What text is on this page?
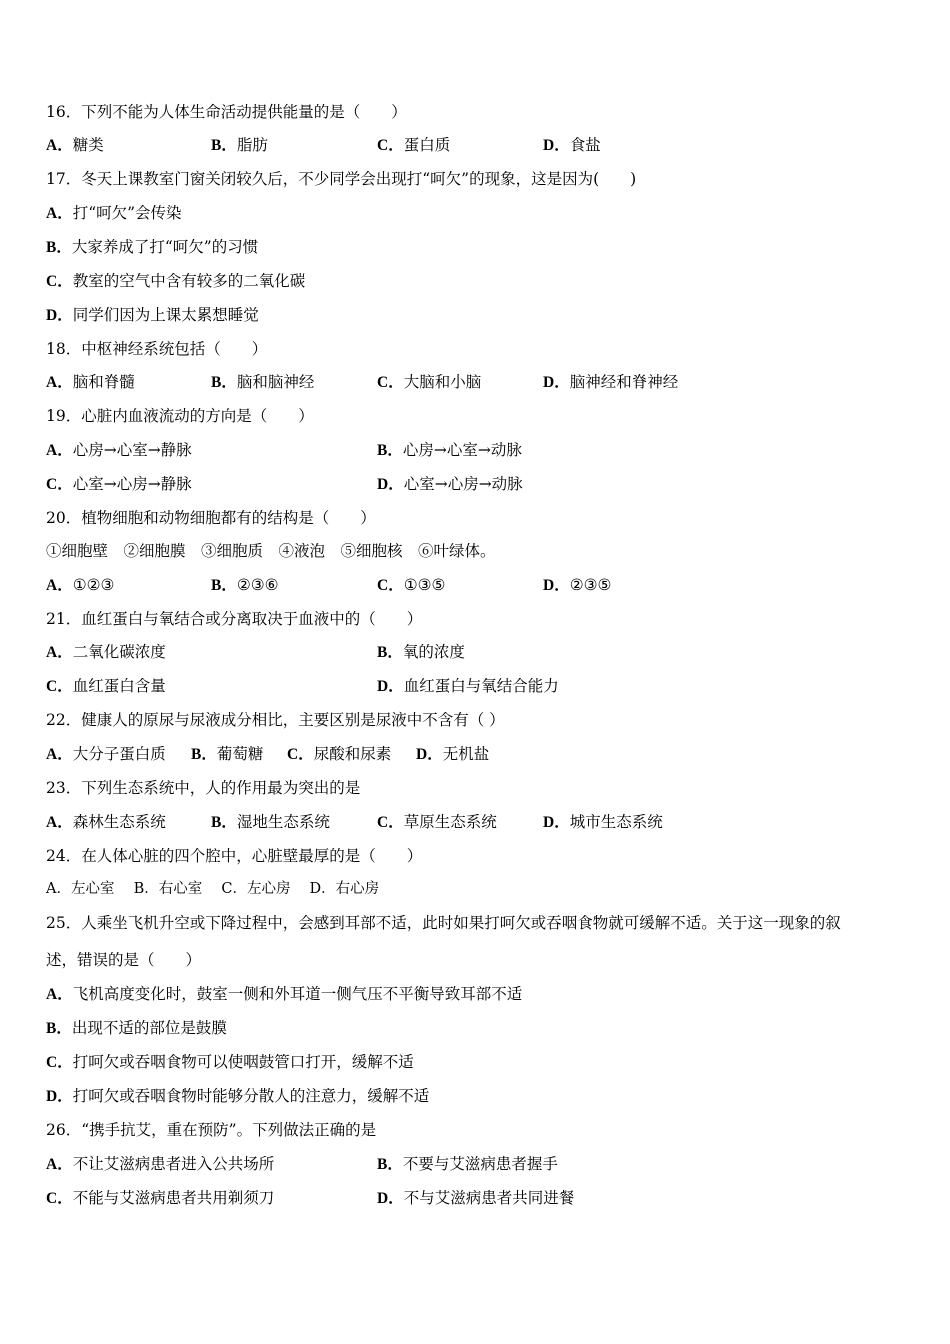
16．下列不能为人体生命活动提供能量的是（　　）
A．糖类	B．脂肪	C．蛋白质	D．食盐
17．冬天上课教室门窗关闭较久后，不少同学会出现打“呵欠”的现象，这是因为(　　)
A．打“呵欠”会传染
B．大家养成了打“呵欠”的习惯
C．教室的空气中含有较多的二氧化碳
D．同学们因为上课太累想睡觉
18．中枢神经系统包括（　　）
A．脑和脊髓	B．脑和脑神经	C．大脑和小脑	D．脑神经和脊神经
19．心脏内血液流动的方向是（　　）
A．心房→心室→静脉	B．心房→心室→动脉
C．心室→心房→静脉	D．心室→心房→动脉
20．植物细胞和动物细胞都有的结构是（　　）
①细胞壁　②细胞膜　③细胞质　④液泡　⑤细胞核　⑥叶绿体。
A．①②③	B．②③⑥	C．①③⑤	D．②③⑤
21．血红蛋白与氧结合或分离取决于血液中的（　　）
A．二氧化碳浓度	B．氧的浓度
C．血红蛋白含量	D．血红蛋白与氧结合能力
22．健康人的原尿与尿液成分相比，主要区别是尿液中不含有（ ）
A．大分子蛋白质 B．葡萄糖 C．尿酸和尿素 D．无机盐
23．下列生态系统中，人的作用最为突出的是
A．森林生态系统	B．湿地生态系统	C．草原生态系统	D．城市生态系统
24．在人体心脏的四个腔中，心脏壁最厚的是（　　）
A．左心室　 B．右心室　 C．左心房　 D．右心房
25．人乘坐飞机升空或下降过程中，会感到耳部不适，此时如果打呵欠或吞咽食物就可缓解不适。关于这一现象的叙
述，错误的是（　　）
A．飞机高度变化时，鼓室一侧和外耳道一侧气压不平衡导致耳部不适
B．出现不适的部位是鼓膜
C．打呵欠或吞咽食物可以使咽鼓管口打开，缓解不适
D．打呵欠或吞咽食物时能够分散人的注意力，缓解不适
26．“携手抗艾，重在预防”。下列做法正确的是
A．不让艾滋病患者进入公共场所	B．不要与艾滋病患者握手
C．不能与艾滋病患者共用剃须刀	D．不与艾滋病患者共同进餐
